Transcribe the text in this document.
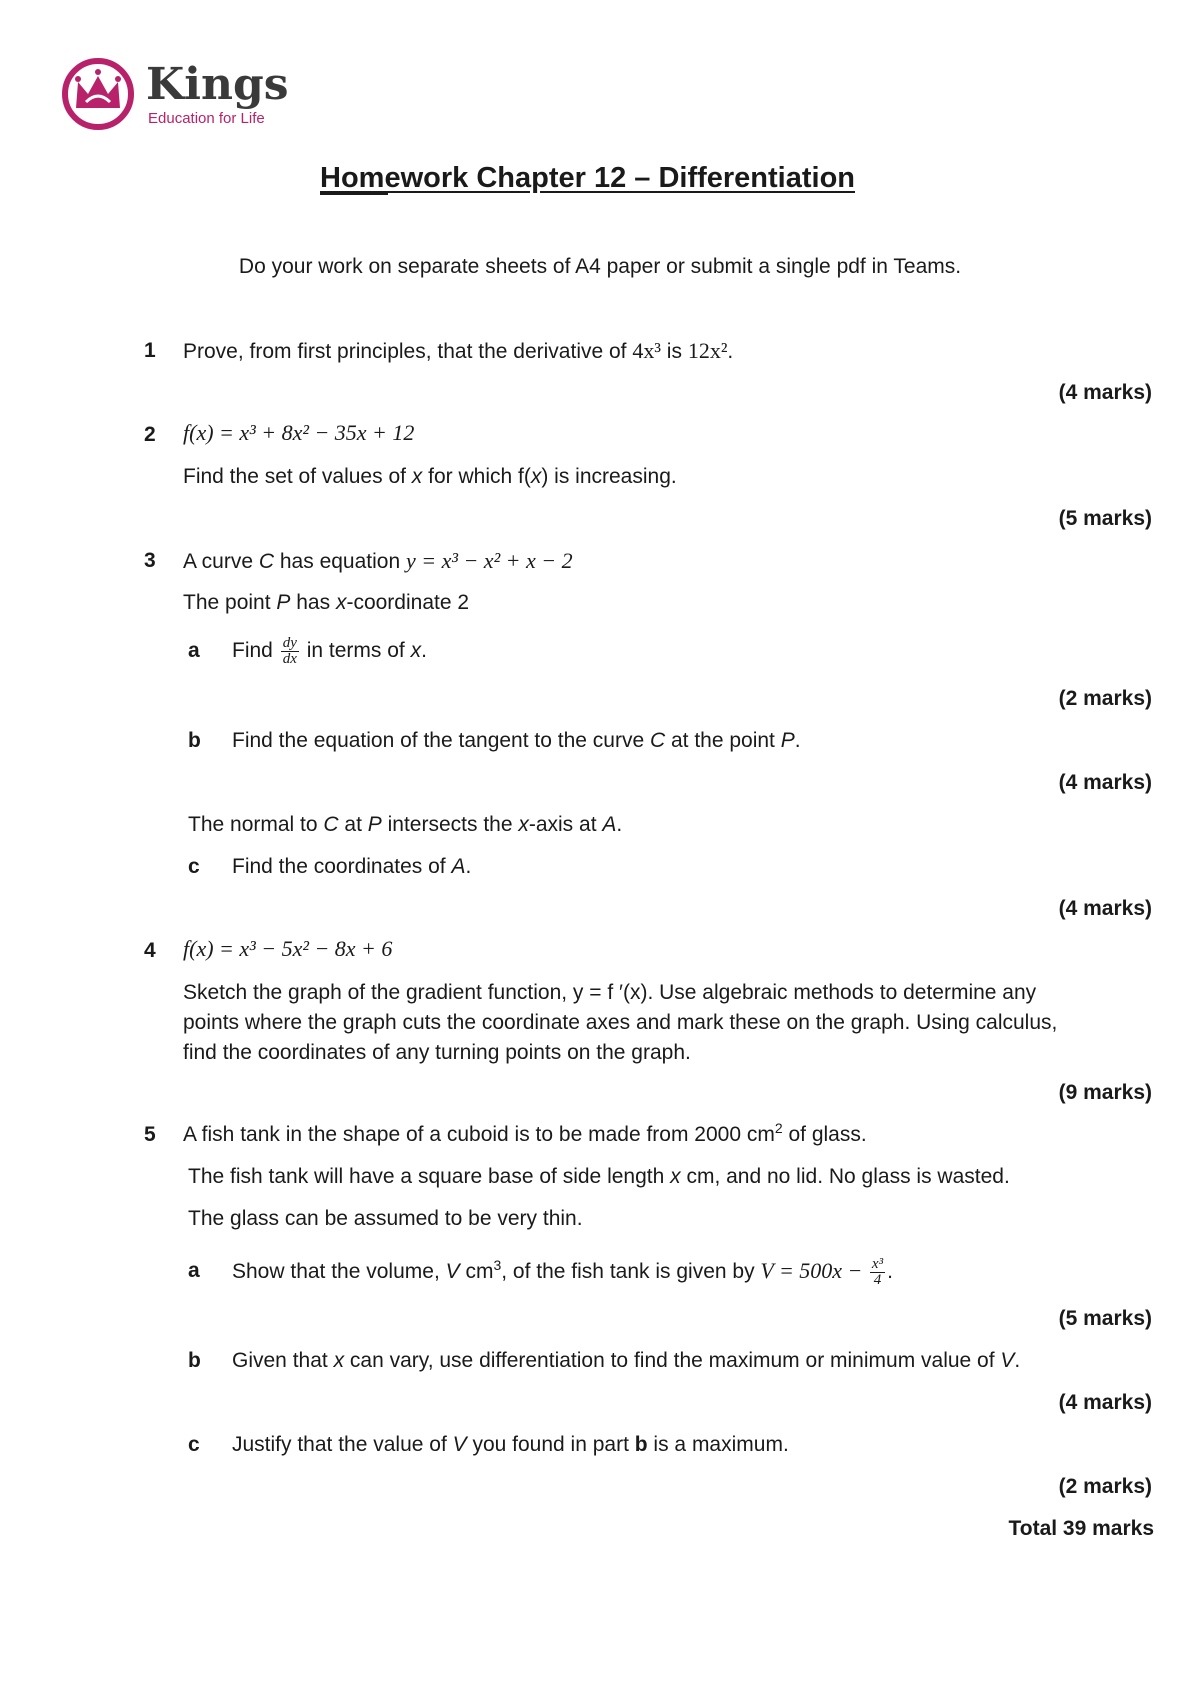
Kings
Education for Life
Homework Chapter 12 – Differentiation
Do your work on separate sheets of A4 paper or submit a single pdf in Teams.
1 Prove, from first principles, that the derivative of 4x³ is 12x².
(4 marks)
2 f(x) = x³ + 8x² − 35x + 12
Find the set of values of x for which f(x) is increasing.
(5 marks)
3 A curve C has equation y = x³ − x² + x − 2
The point P has x-coordinate 2
a Find $\frac{dy}{dx}$ in terms of x.
(2 marks)
b Find the equation of the tangent to the curve C at the point P.
(4 marks)
The normal to C at P intersects the x-axis at A.
c Find the coordinates of A.
(4 marks)
4 f(x) = x³ − 5x² − 8x + 6
Sketch the graph of the gradient function, y = f ′(x). Use algebraic methods to determine any
points where the graph cuts the coordinate axes and mark these on the graph. Using calculus,
find the coordinates of any turning points on the graph.
(9 marks)
5 A fish tank in the shape of a cuboid is to be made from 2000 $cm^2$ of glass.
The fish tank will have a square base of side length x cm, and no lid. No glass is wasted.
The glass can be assumed to be very thin.
a Show that the volume, V $cm^3$, of the fish tank is given by $V = 500x - \frac{\text{x³}}{4}$ .
(5 marks)
b Given that x can vary, use differentiation to find the maximum or minimum value of V.
(4 marks)
c Justify that the value of V you found in part b is a maximum.
(2 marks)
Total 39 marks
